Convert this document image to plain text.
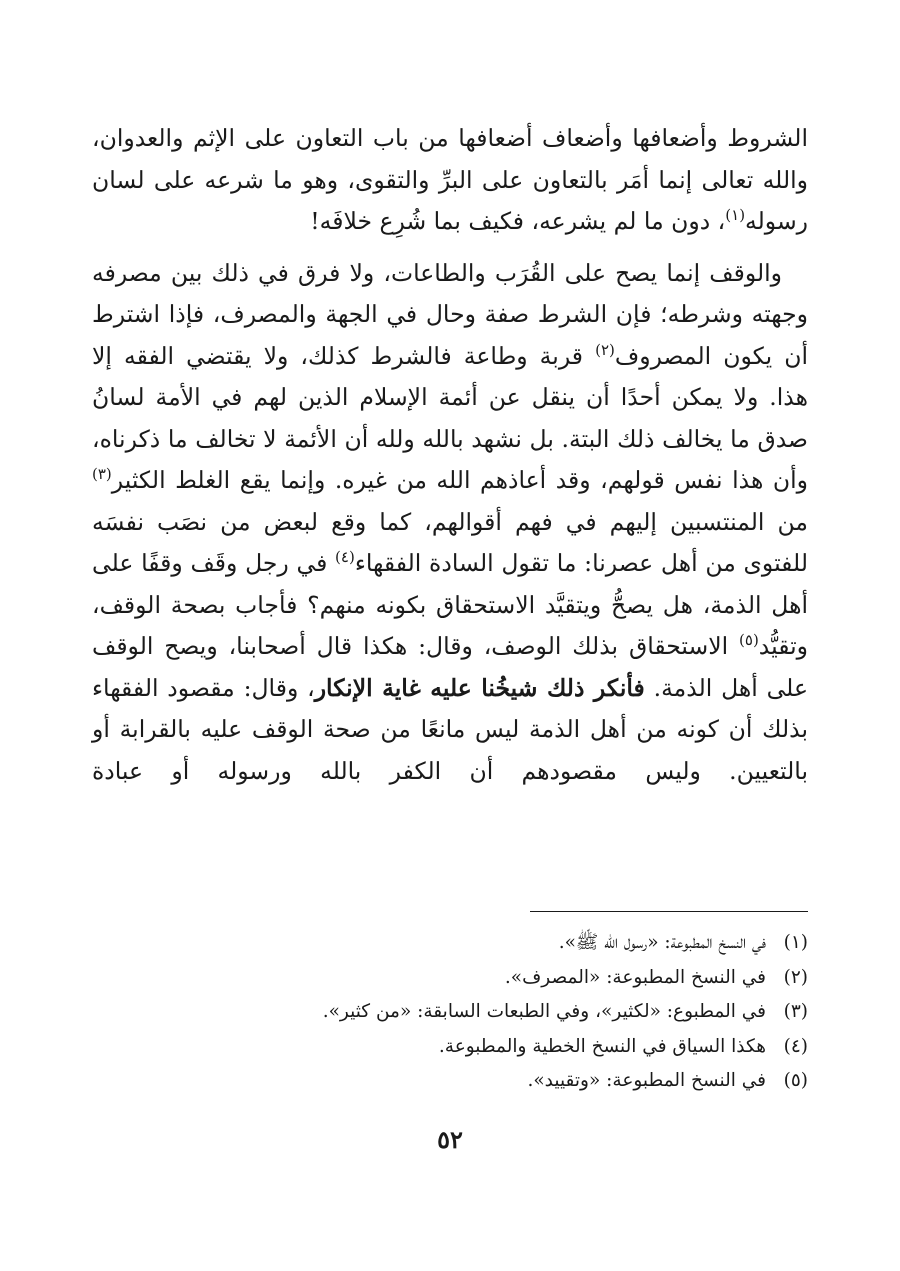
الشروط وأضعافها وأضعاف أضعافها من باب التعاون على الإثم والعدوان، والله تعالى إنما أمَر بالتعاون على البرِّ والتقوى، وهو ما شرعه على لسان رسوله$^{(١)}$، دون ما لم يشرعه، فكيف بما شُرِع خلافَه!

والوقف إنما يصح على القُرَب والطاعات، ولا فرق في ذلك بين مصرفه وجهته وشرطه؛ فإن الشرط صفة وحال في الجهة والمصرف، فإذا اشترط أن يكون المصروف$^{(٢)}$ قربة وطاعة فالشرط كذلك، ولا يقتضي الفقه إلا هذا. ولا يمكن أحدًا أن ينقل عن أئمة الإسلام الذين لهم في الأمة لسانُ صدق ما يخالف ذلك البتة. بل نشهد بالله ولله أن الأئمة لا تخالف ما ذكرناه، وأن هذا نفس قولهم، وقد أعاذهم الله من غيره. وإنما يقع الغلط الكثير$^{(٣)}$ من المنتسبين إليهم في فهم أقوالهم، كما وقع لبعض من نصَب نفسَه للفتوى من أهل عصرنا: ما تقول السادة الفقهاء$^{(٤)}$ في رجل وقَف وقفًا على أهل الذمة، هل يصحُّ ويتقيَّد الاستحقاق بكونه منهم؟ فأجاب بصحة الوقف، وتقيُّد$^{(٥)}$ الاستحقاق بذلك الوصف، وقال: هكذا قال أصحابنا، ويصح الوقف على أهل الذمة. فأنكر ذلك شيخُنا عليه غاية الإنكار، وقال: مقصود الفقهاء بذلك أن كونه من أهل الذمة ليس مانعًا من صحة الوقف عليه بالقرابة أو بالتعيين. وليس مقصودهم أن الكفر بالله ورسوله أو عبادة

(١)في النسخ المطبوعة: «رسول الله ﷺ».
(٢)في النسخ المطبوعة: «المصرف».
(٣)في المطبوع: «لكثير»، وفي الطبعات السابقة: «من كثير».
(٤)هكذا السياق في النسخ الخطية والمطبوعة.
(٥)في النسخ المطبوعة: «وتقييد».
٥٢
